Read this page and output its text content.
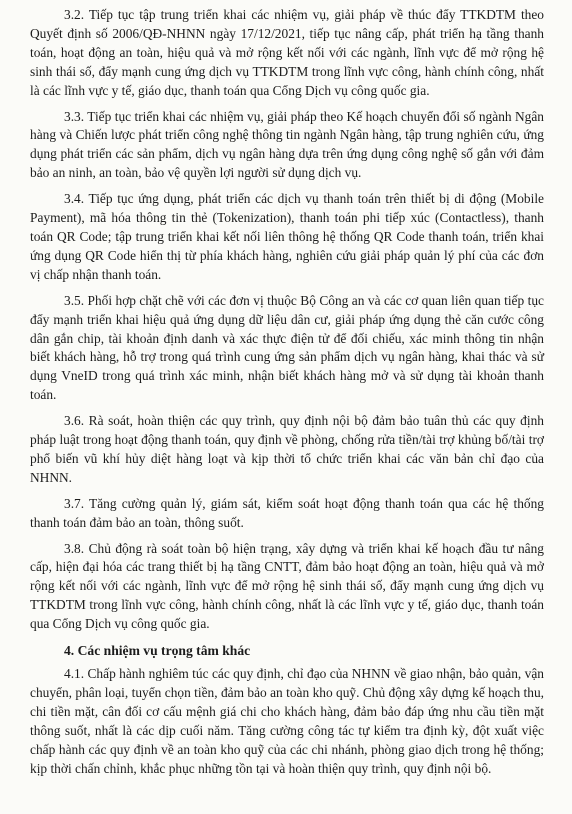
3.2. Tiếp tục tập trung triển khai các nhiệm vụ, giải pháp về thúc đẩy TTKDTM theo Quyết định số 2006/QĐ-NHNN ngày 17/12/2021, tiếp tục nâng cấp, phát triển hạ tầng thanh toán, hoạt động an toàn, hiệu quả và mở rộng kết nối với các ngành, lĩnh vực để mở rộng hệ sinh thái số, đẩy mạnh cung ứng dịch vụ TTKDTM trong lĩnh vực công, hành chính công, nhất là các lĩnh vực y tế, giáo dục, thanh toán qua Cổng Dịch vụ công quốc gia.

3.3. Tiếp tục triển khai các nhiệm vụ, giải pháp theo Kế hoạch chuyển đổi số ngành Ngân hàng và Chiến lược phát triển công nghệ thông tin ngành Ngân hàng, tập trung nghiên cứu, ứng dụng phát triển các sản phẩm, dịch vụ ngân hàng dựa trên ứng dụng công nghệ số gắn với đảm bảo an ninh, an toàn, bảo vệ quyền lợi người sử dụng dịch vụ.

3.4. Tiếp tục ứng dụng, phát triển các dịch vụ thanh toán trên thiết bị di động (Mobile Payment), mã hóa thông tin thẻ (Tokenization), thanh toán phi tiếp xúc (Contactless), thanh toán QR Code; tập trung triển khai kết nối liên thông hệ thống QR Code thanh toán, triển khai ứng dụng QR Code hiển thị từ phía khách hàng, nghiên cứu giải pháp quản lý phí của các đơn vị chấp nhận thanh toán.

3.5. Phối hợp chặt chẽ với các đơn vị thuộc Bộ Công an và các cơ quan liên quan tiếp tục đẩy mạnh triển khai hiệu quả ứng dụng dữ liệu dân cư, giải pháp ứng dụng thẻ căn cước công dân gắn chip, tài khoản định danh và xác thực điện tử để đối chiếu, xác minh thông tin nhận biết khách hàng, hỗ trợ trong quá trình cung ứng sản phẩm dịch vụ ngân hàng, khai thác và sử dụng VneID trong quá trình xác minh, nhận biết khách hàng mở và sử dụng tài khoản thanh toán.

3.6. Rà soát, hoàn thiện các quy trình, quy định nội bộ đảm bảo tuân thủ các quy định pháp luật trong hoạt động thanh toán, quy định về phòng, chống rửa tiền/tài trợ khủng bố/tài trợ phổ biến vũ khí hủy diệt hàng loạt và kịp thời tổ chức triển khai các văn bản chỉ đạo của NHNN.

3.7. Tăng cường quản lý, giám sát, kiểm soát hoạt động thanh toán qua các hệ thống thanh toán đảm bảo an toàn, thông suốt.

3.8. Chủ động rà soát toàn bộ hiện trạng, xây dựng và triển khai kế hoạch đầu tư nâng cấp, hiện đại hóa các trang thiết bị hạ tầng CNTT, đảm bảo hoạt động an toàn, hiệu quả và mở rộng kết nối với các ngành, lĩnh vực để mở rộng hệ sinh thái số, đẩy mạnh cung ứng dịch vụ TTKDTM trong lĩnh vực công, hành chính công, nhất là các lĩnh vực y tế, giáo dục, thanh toán qua Cổng Dịch vụ công quốc gia.

4. Các nhiệm vụ trọng tâm khác

4.1. Chấp hành nghiêm túc các quy định, chỉ đạo của NHNN về giao nhận, bảo quản, vận chuyển, phân loại, tuyển chọn tiền, đảm bảo an toàn kho quỹ. Chủ động xây dựng kế hoạch thu, chi tiền mặt, cân đối cơ cấu mệnh giá chi cho khách hàng, đảm bảo đáp ứng nhu cầu tiền mặt thông suốt, nhất là các dịp cuối năm. Tăng cường công tác tự kiểm tra định kỳ, đột xuất việc chấp hành các quy định về an toàn kho quỹ của các chi nhánh, phòng giao dịch trong hệ thống; kịp thời chấn chỉnh, khắc phục những tồn tại và hoàn thiện quy trình, quy định nội bộ.
